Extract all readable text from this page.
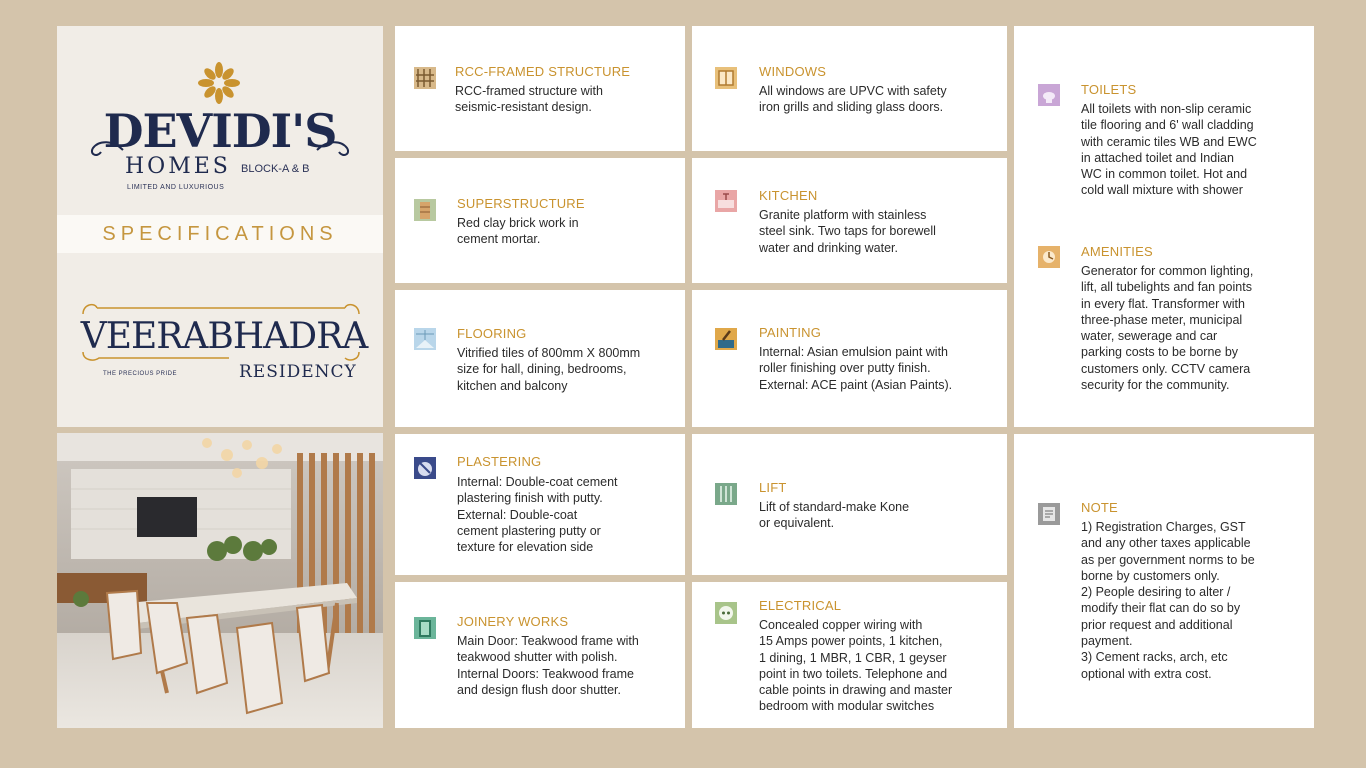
DEVIDI'S
HOMES BLOCK-A & B
LIMITED AND LUXURIOUS
SPECIFICATIONS
VEERABHADRA
THE PRECIOUS PRIDE	RESIDENCY
RCC-FRAMED STRUCTURE
RCC-framed structure with
seismic-resistant design.
SUPERSTRUCTURE
Red clay brick work in
cement mortar.
FLOORING
Vitrified tiles of 800mm X 800mm
size for hall, dining, bedrooms,
kitchen and balcony
PLASTERING
Internal: Double-coat cement
plastering finish with putty.
External: Double-coat
cement plastering putty or
texture for elevation side
JOINERY WORKS
Main Door: Teakwood frame with
teakwood shutter with polish.
Internal Doors: Teakwood frame
and design flush door shutter.
WINDOWS
All windows are UPVC with safety
iron grills and sliding glass doors.
KITCHEN
Granite platform with stainless
steel sink. Two taps for borewell
water and drinking water.
PAINTING
Internal: Asian emulsion paint with
roller finishing over putty finish.
External: ACE paint (Asian Paints).
LIFT
Lift of standard-make Kone
or equivalent.
ELECTRICAL
Concealed copper wiring with
15 Amps power points, 1 kitchen,
1 dining, 1 MBR, 1 CBR, 1 geyser
point in two toilets. Telephone and
cable points in drawing and master
bedroom with modular switches
TOILETS
All toilets with non-slip ceramic
tile flooring and 6' wall cladding
with ceramic tiles WB and EWC
in attached toilet and Indian
WC in common toilet. Hot and
cold wall mixture with shower
AMENITIES
Generator for common lighting,
lift, all tubelights and fan points
in every flat. Transformer with
three-phase meter, municipal
water, sewerage and car
parking costs to be borne by
customers only. CCTV camera
security for the community.
NOTE
1) Registration Charges, GST
and any other taxes applicable
as per government norms to be
borne by customers only.
2) People desiring to alter /
modify their flat can do so by
prior request and additional
payment.
3) Cement racks, arch, etc
optional with extra cost.
